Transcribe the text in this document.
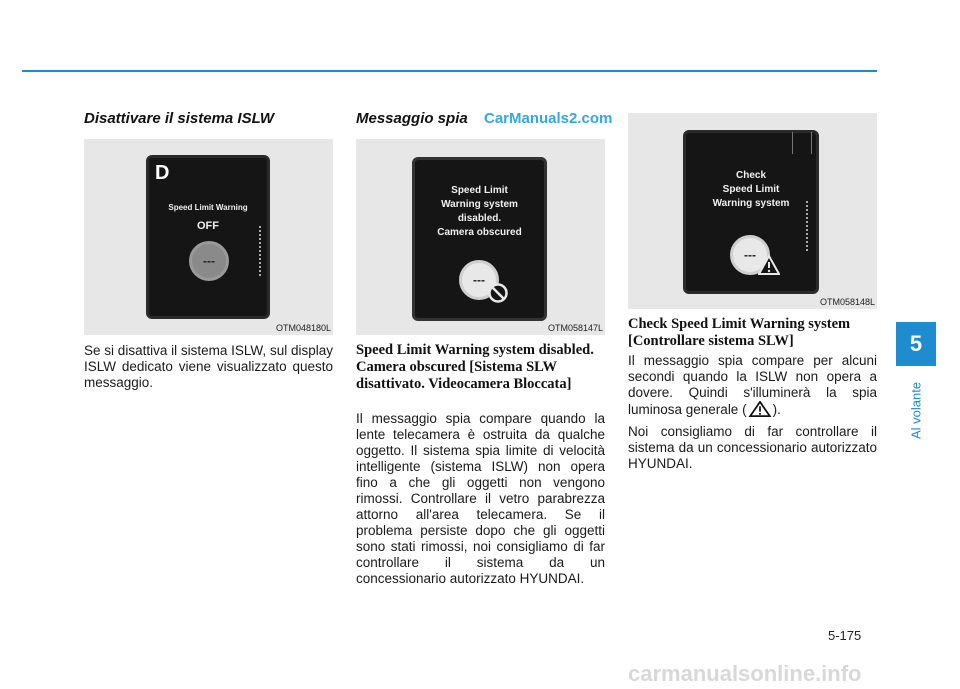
5
Al volante
Disattivare il sistema ISLW
D
Speed Limit Warning
OFF
---
OTM048180L

Se si disattiva il sistema ISLW, sul display ISLW dedicato viene visualizzato questo messaggio.

Messaggio spia CarManuals2.com
Speed Limit
Warning system
disabled.
Camera obscured
---
OTM058147L
Speed Limit Warning system disabled. Camera obscured [Sistema SLW disattivato. Videocamera Bloccata]

Il messaggio spia compare quando la lente telecamera è ostruita da qualche oggetto. Il sistema spia limite di velocità intelligente (sistema ISLW) non opera fino a che gli oggetti non vengono rimossi. Controllare il vetro parabrezza attorno all'area telecamera. Se il problema persiste dopo che gli oggetti sono stati rimossi, noi consigliamo di far controllare il sistema da un concessionario autorizzato HYUNDAI.

Check
Speed Limit
Warning system
---
OTM058148L
Check Speed Limit Warning system [Controllare sistema SLW]

Il messaggio spia compare per alcuni secondi quando la ISLW non opera a dovere. Quindi s'illuminerà la spia luminosa generale ( ).

Noi consigliamo di far controllare il sistema da un concessionario autorizzato HYUNDAI.

5-175
carmanualsonline.info
